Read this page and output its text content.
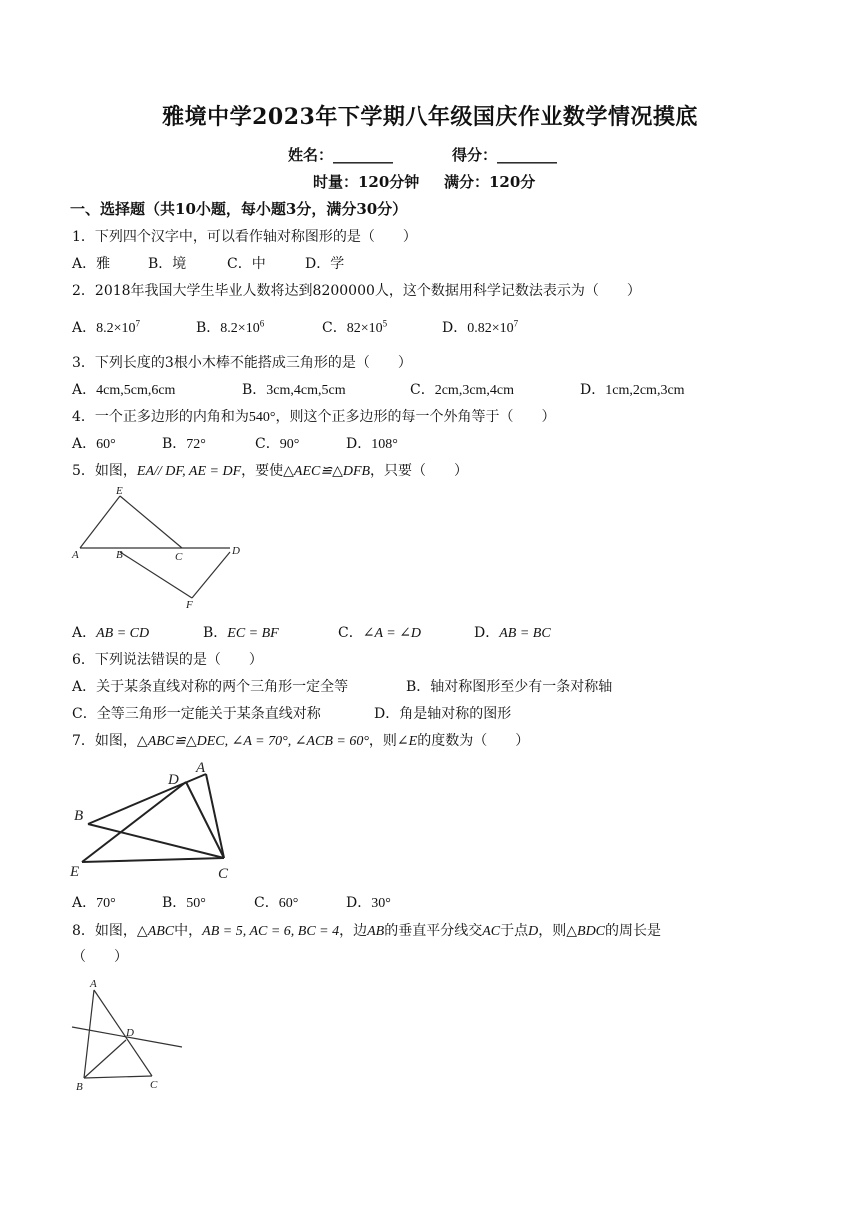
雅境中学2023年下学期八年级国庆作业数学情况摸底
姓名：________	得分：________
时量：120分钟 满分：120分
一、选择题（共10小题，每小题3分，满分30分）
1．下列四个汉字中，可以看作轴对称图形的是（　　）
A．雅	B．境	C．中	D．学
2．2018年我国大学生毕业人数将达到8200000人，这个数据用科学记数法表示为（　　）
A．$8.2\times 10^7$	B．$8.2\times 10^6$	C．$82\times 10^5$	D．$0.82\times 10^7$
3．下列长度的3根小木棒不能搭成三角形的是（　　）
A．4cm,5cm,6cm	B．3cm,4cm,5cm	C．2cm,3cm,4cm	D．1cm,2cm,3cm
4．一个正多边形的内角和为540°，则这个正多边形的每一个外角等于（　　）
A．60°	B．72°	C．90°	D．108°
5．如图，EA// DF, AE = DF，要使△AEC≌△DFB，只要（　　）
E
A	B	C	D
F
A．AB = CD	B．EC = BF	C．∠A = ∠D	D．AB = BC
6．下列说法错误的是（　　）
A．关于某条直线对称的两个三角形一定全等	B．轴对称图形至少有一条对称轴
C．全等三角形一定能关于某条直线对称	D．角是轴对称的图形
7．如图，△ABC≌△DEC, ∠A = 70°, ∠ACB = 60°，则∠E的度数为（　　）
D
A
B
E	C
A．70°	B．50°	C．60°	D．30°
8．如图，△ABC中，AB = 5, AC = 6, BC = 4，边AB的垂直平分线交AC于点D，则△BDC的周长是
（　　）
A
D
B	C
